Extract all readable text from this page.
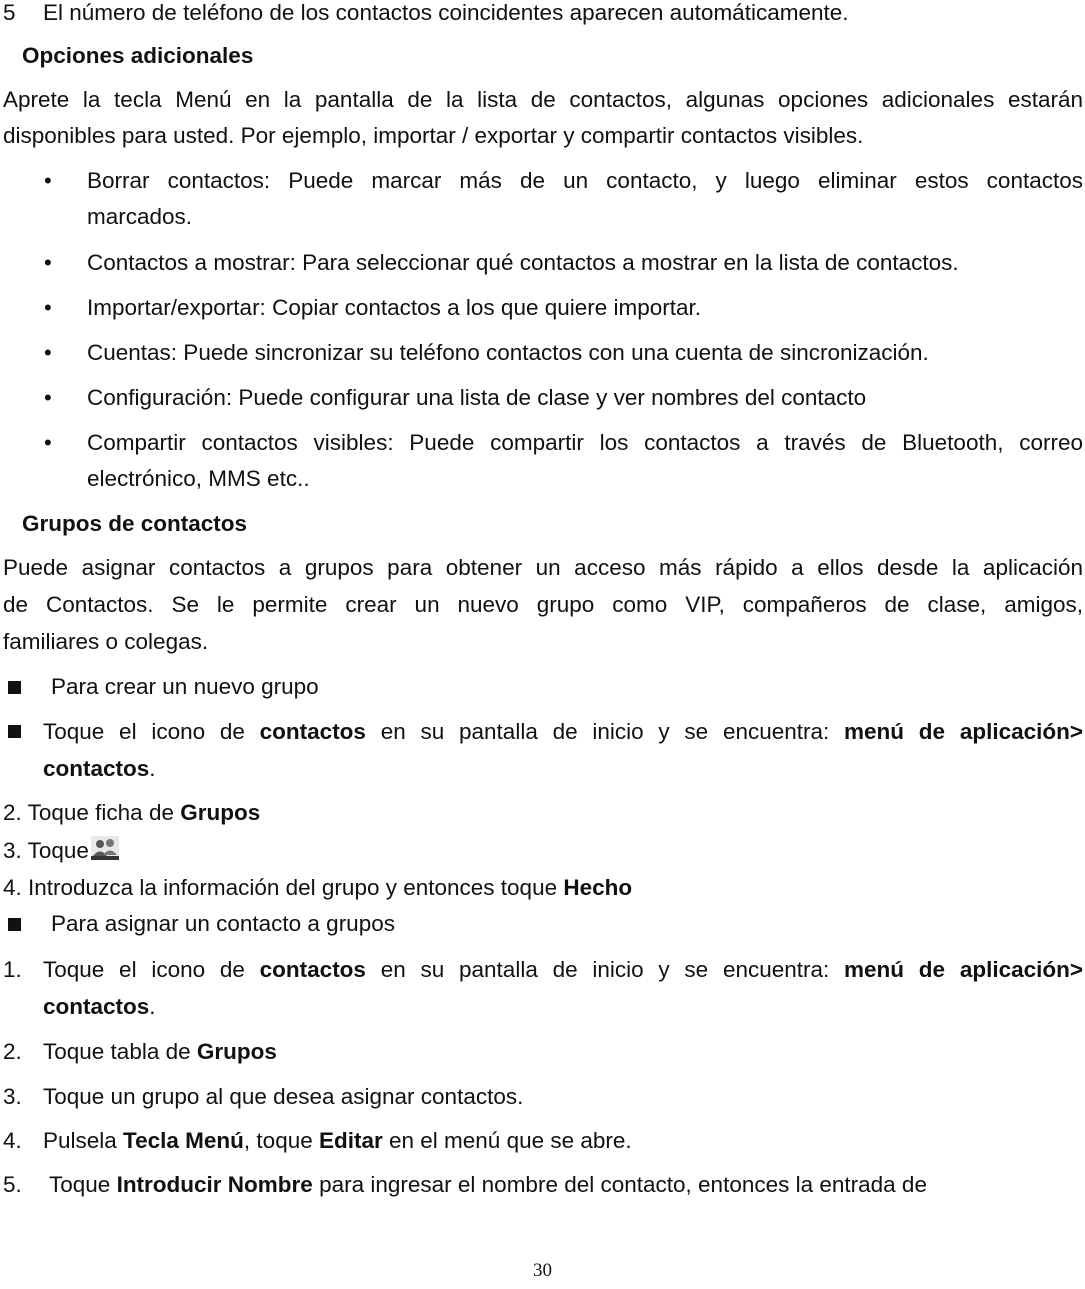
5 El número de teléfono de los contactos coincidentes aparecen automáticamente.
Opciones adicionales
Aprete la tecla Menú en la pantalla de la lista de contactos, algunas opciones adicionales estarán
disponibles para usted. Por ejemplo, importar / exportar y compartir contactos visibles.
• Borrar contactos: Puede marcar más de un contacto, y luego eliminar estos contactos
marcados.
• Contactos a mostrar: Para seleccionar qué contactos a mostrar en la lista de contactos.
• Importar/exportar: Copiar contactos a los que quiere importar.
• Cuentas: Puede sincronizar su teléfono contactos con una cuenta de sincronización.
• Configuración: Puede configurar una lista de clase y ver nombres del contacto
• Compartir contactos visibles: Puede compartir los contactos a través de Bluetooth, correo
electrónico, MMS etc..
Grupos de contactos
Puede asignar contactos a grupos para obtener un acceso más rápido a ellos desde la aplicación
de Contactos. Se le permite crear un nuevo grupo como VIP, compañeros de clase, amigos,
familiares o colegas.
Para crear un nuevo grupo
Toque el icono de contactos en su pantalla de inicio y se encuentra: menú de aplicación>
contactos.
2. Toque ficha de Grupos
3. Toque
4. Introduzca la información del grupo y entonces toque Hecho
Para asignar un contacto a grupos
1. Toque el icono de contactos en su pantalla de inicio y se encuentra: menú de aplicación>
contactos.
2. Toque tabla de Grupos
3. Toque un grupo al que desea asignar contactos.
4. Pulsela Tecla Menú, toque Editar en el menú que se abre.
5. Toque Introducir Nombre para ingresar el nombre del contacto, entonces la entrada de
30
